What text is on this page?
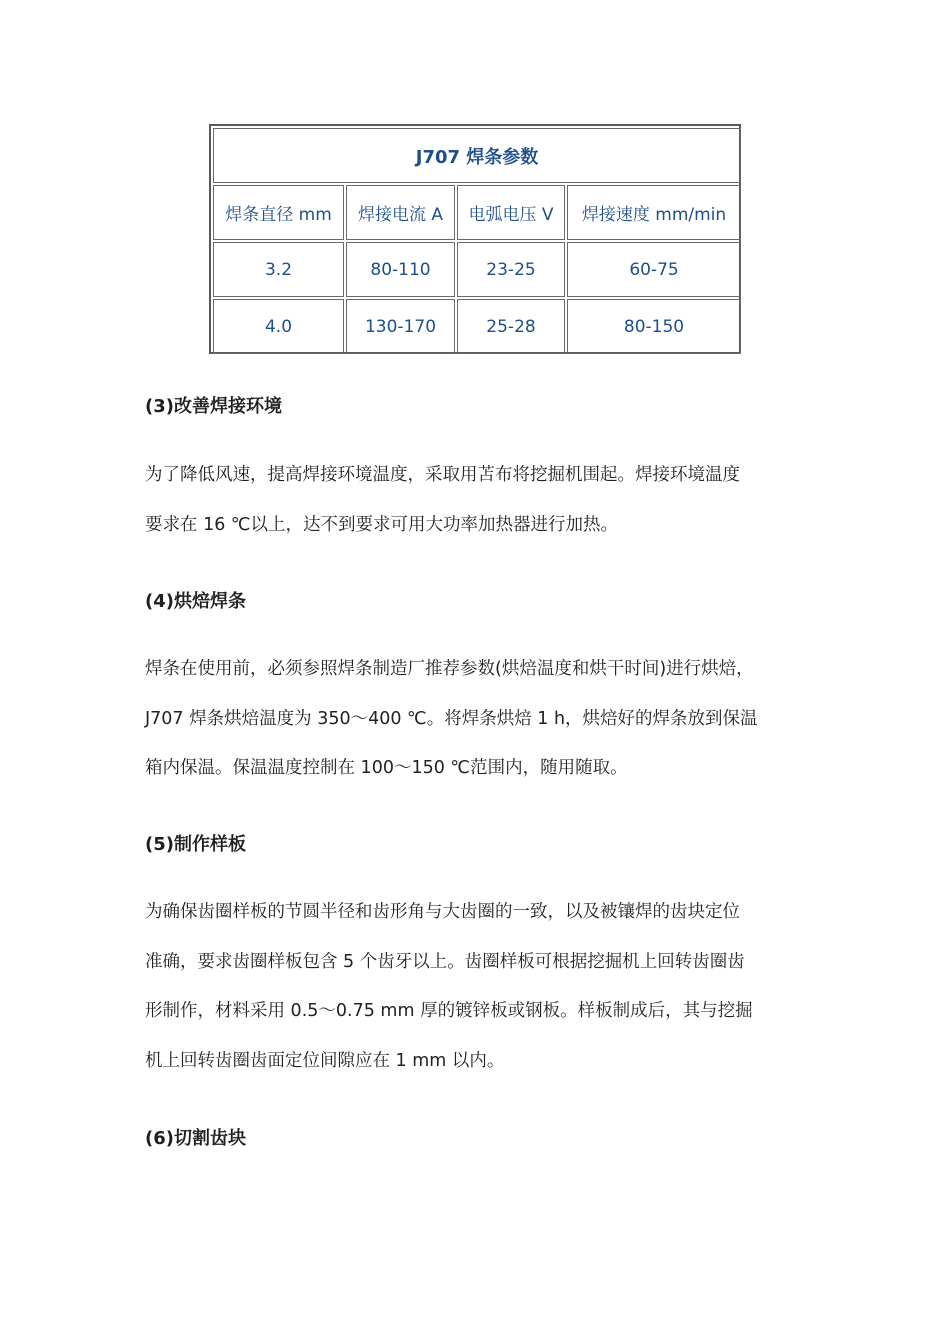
J707 焊条参数			
焊条直径 mm	焊接电流 A	电弧电压 V	焊接速度 mm/min
3.2	80-110	23-25	60-75
4.0	130-170	25-28	80-150

(3)改善焊接环境

为了降低风速，提高焊接环境温度，采取用苫布将挖掘机围起。焊接环境温度
要求在 16 ℃以上，达不到要求可用大功率加热器进行加热。

(4)烘焙焊条

焊条在使用前，必须参照焊条制造厂推荐参数(烘焙温度和烘干时间)进行烘焙，
J707 焊条烘焙温度为 350～400 ℃。将焊条烘焙 1 h，烘焙好的焊条放到保温
箱内保温。保温温度控制在 100～150 ℃范围内，随用随取。

(5)制作样板

为确保齿圈样板的节圆半径和齿形角与大齿圈的一致，以及被镶焊的齿块定位
准确，要求齿圈样板包含 5 个齿牙以上。齿圈样板可根据挖掘机上回转齿圈齿
形制作，材料采用 0.5～0.75 mm 厚的镀锌板或钢板。样板制成后，其与挖掘
机上回转齿圈齿面定位间隙应在 1 mm 以内。

(6)切割齿块
